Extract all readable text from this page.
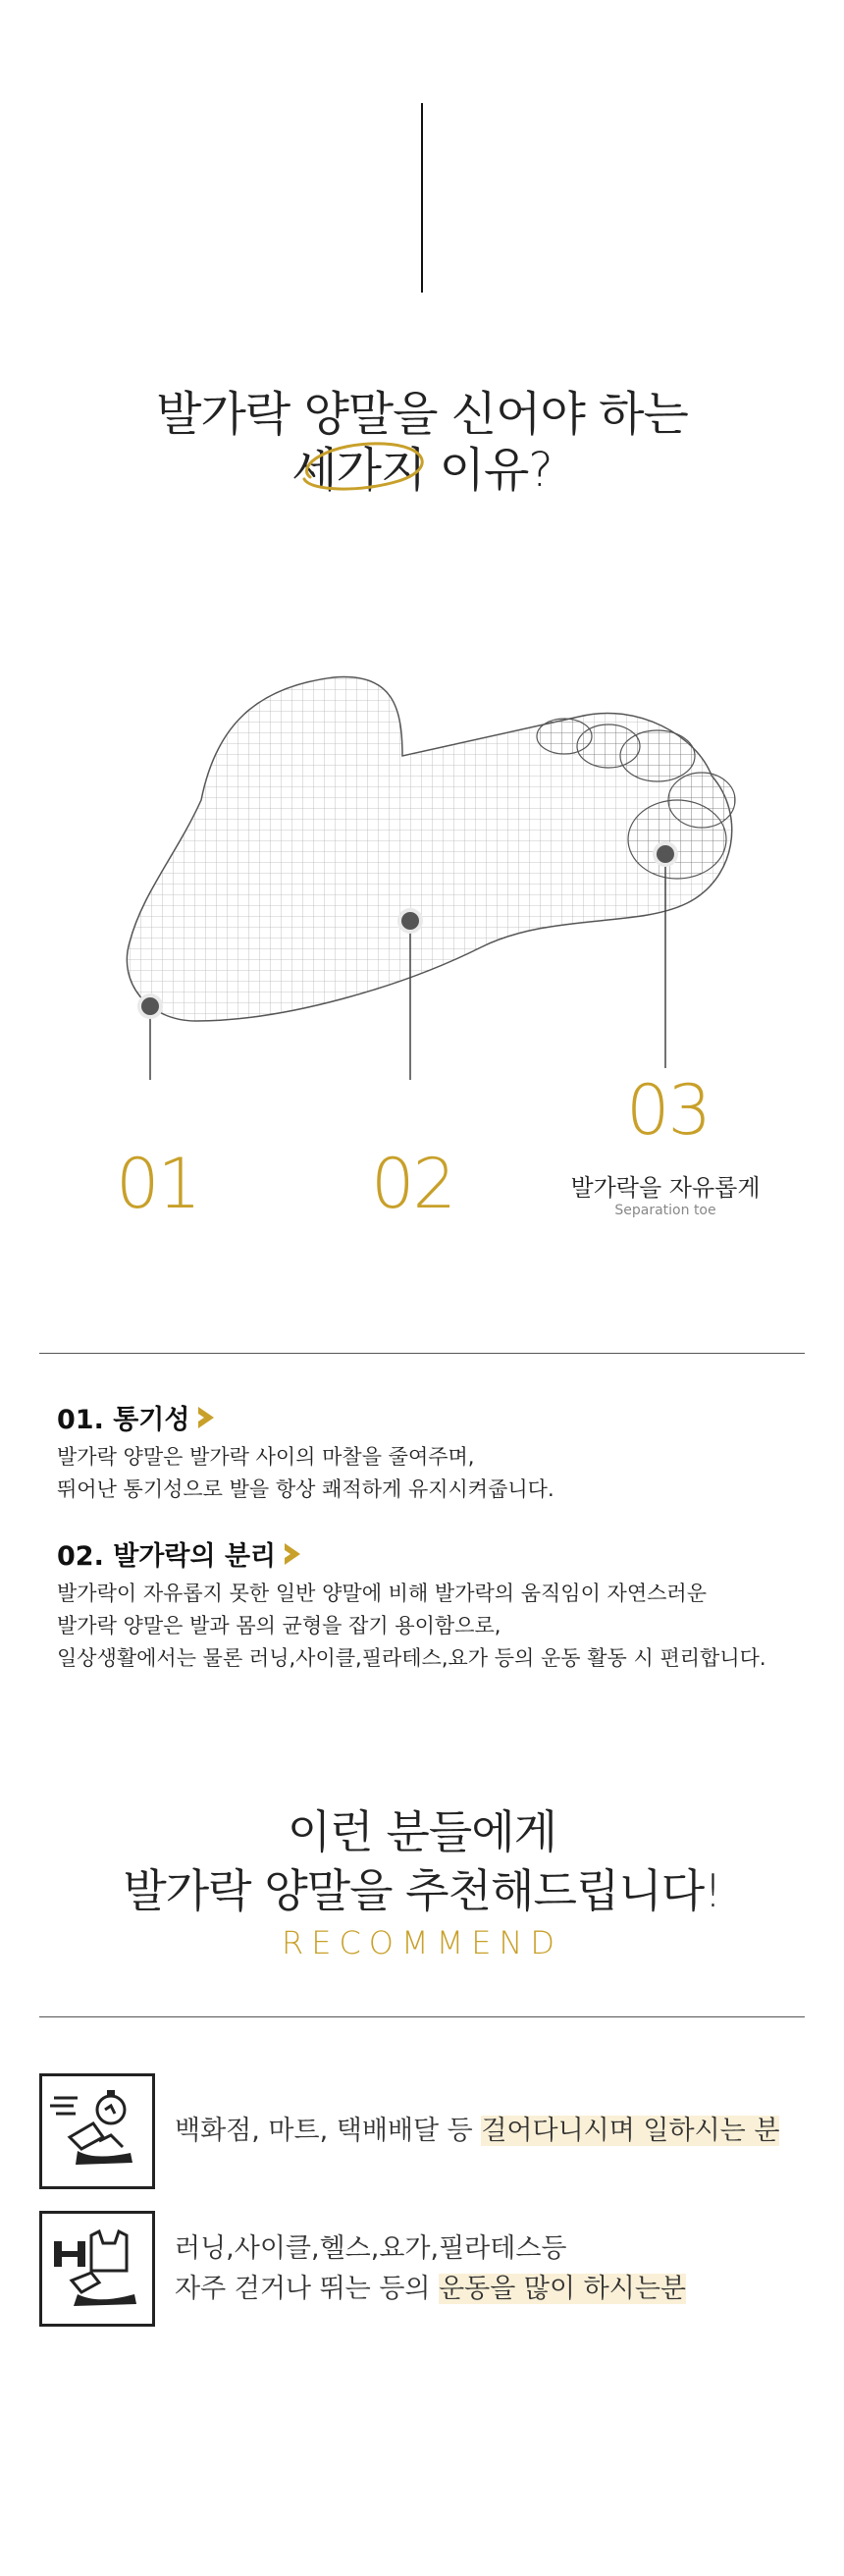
발가락 양말을 신어야 하는
세가지 이유?
01 02
03
발가락을 자유롭게
Separation toe
01. 통기성
발가락 양말은 발가락 사이의 마찰을 줄여주며,
뛰어난 통기성으로 발을 항상 쾌적하게 유지시켜줍니다.
02. 발가락의 분리
발가락이 자유롭지 못한 일반 양말에 비해 발가락의 움직임이 자연스러운
발가락 양말은 발과 몸의 균형을 잡기 용이함으로,
일상생활에서는 물론 러닝,사이클,필라테스,요가 등의 운동 활동 시 편리합니다.
이런 분들에게
발가락 양말을 추천해드립니다!
RECOMMEND
백화점, 마트, 택배배달 등 걸어다니시며 일하시는 분
러닝,사이클,헬스,요가,필라테스등
자주 걷거나 뛰는 등의 운동을 많이 하시는분
